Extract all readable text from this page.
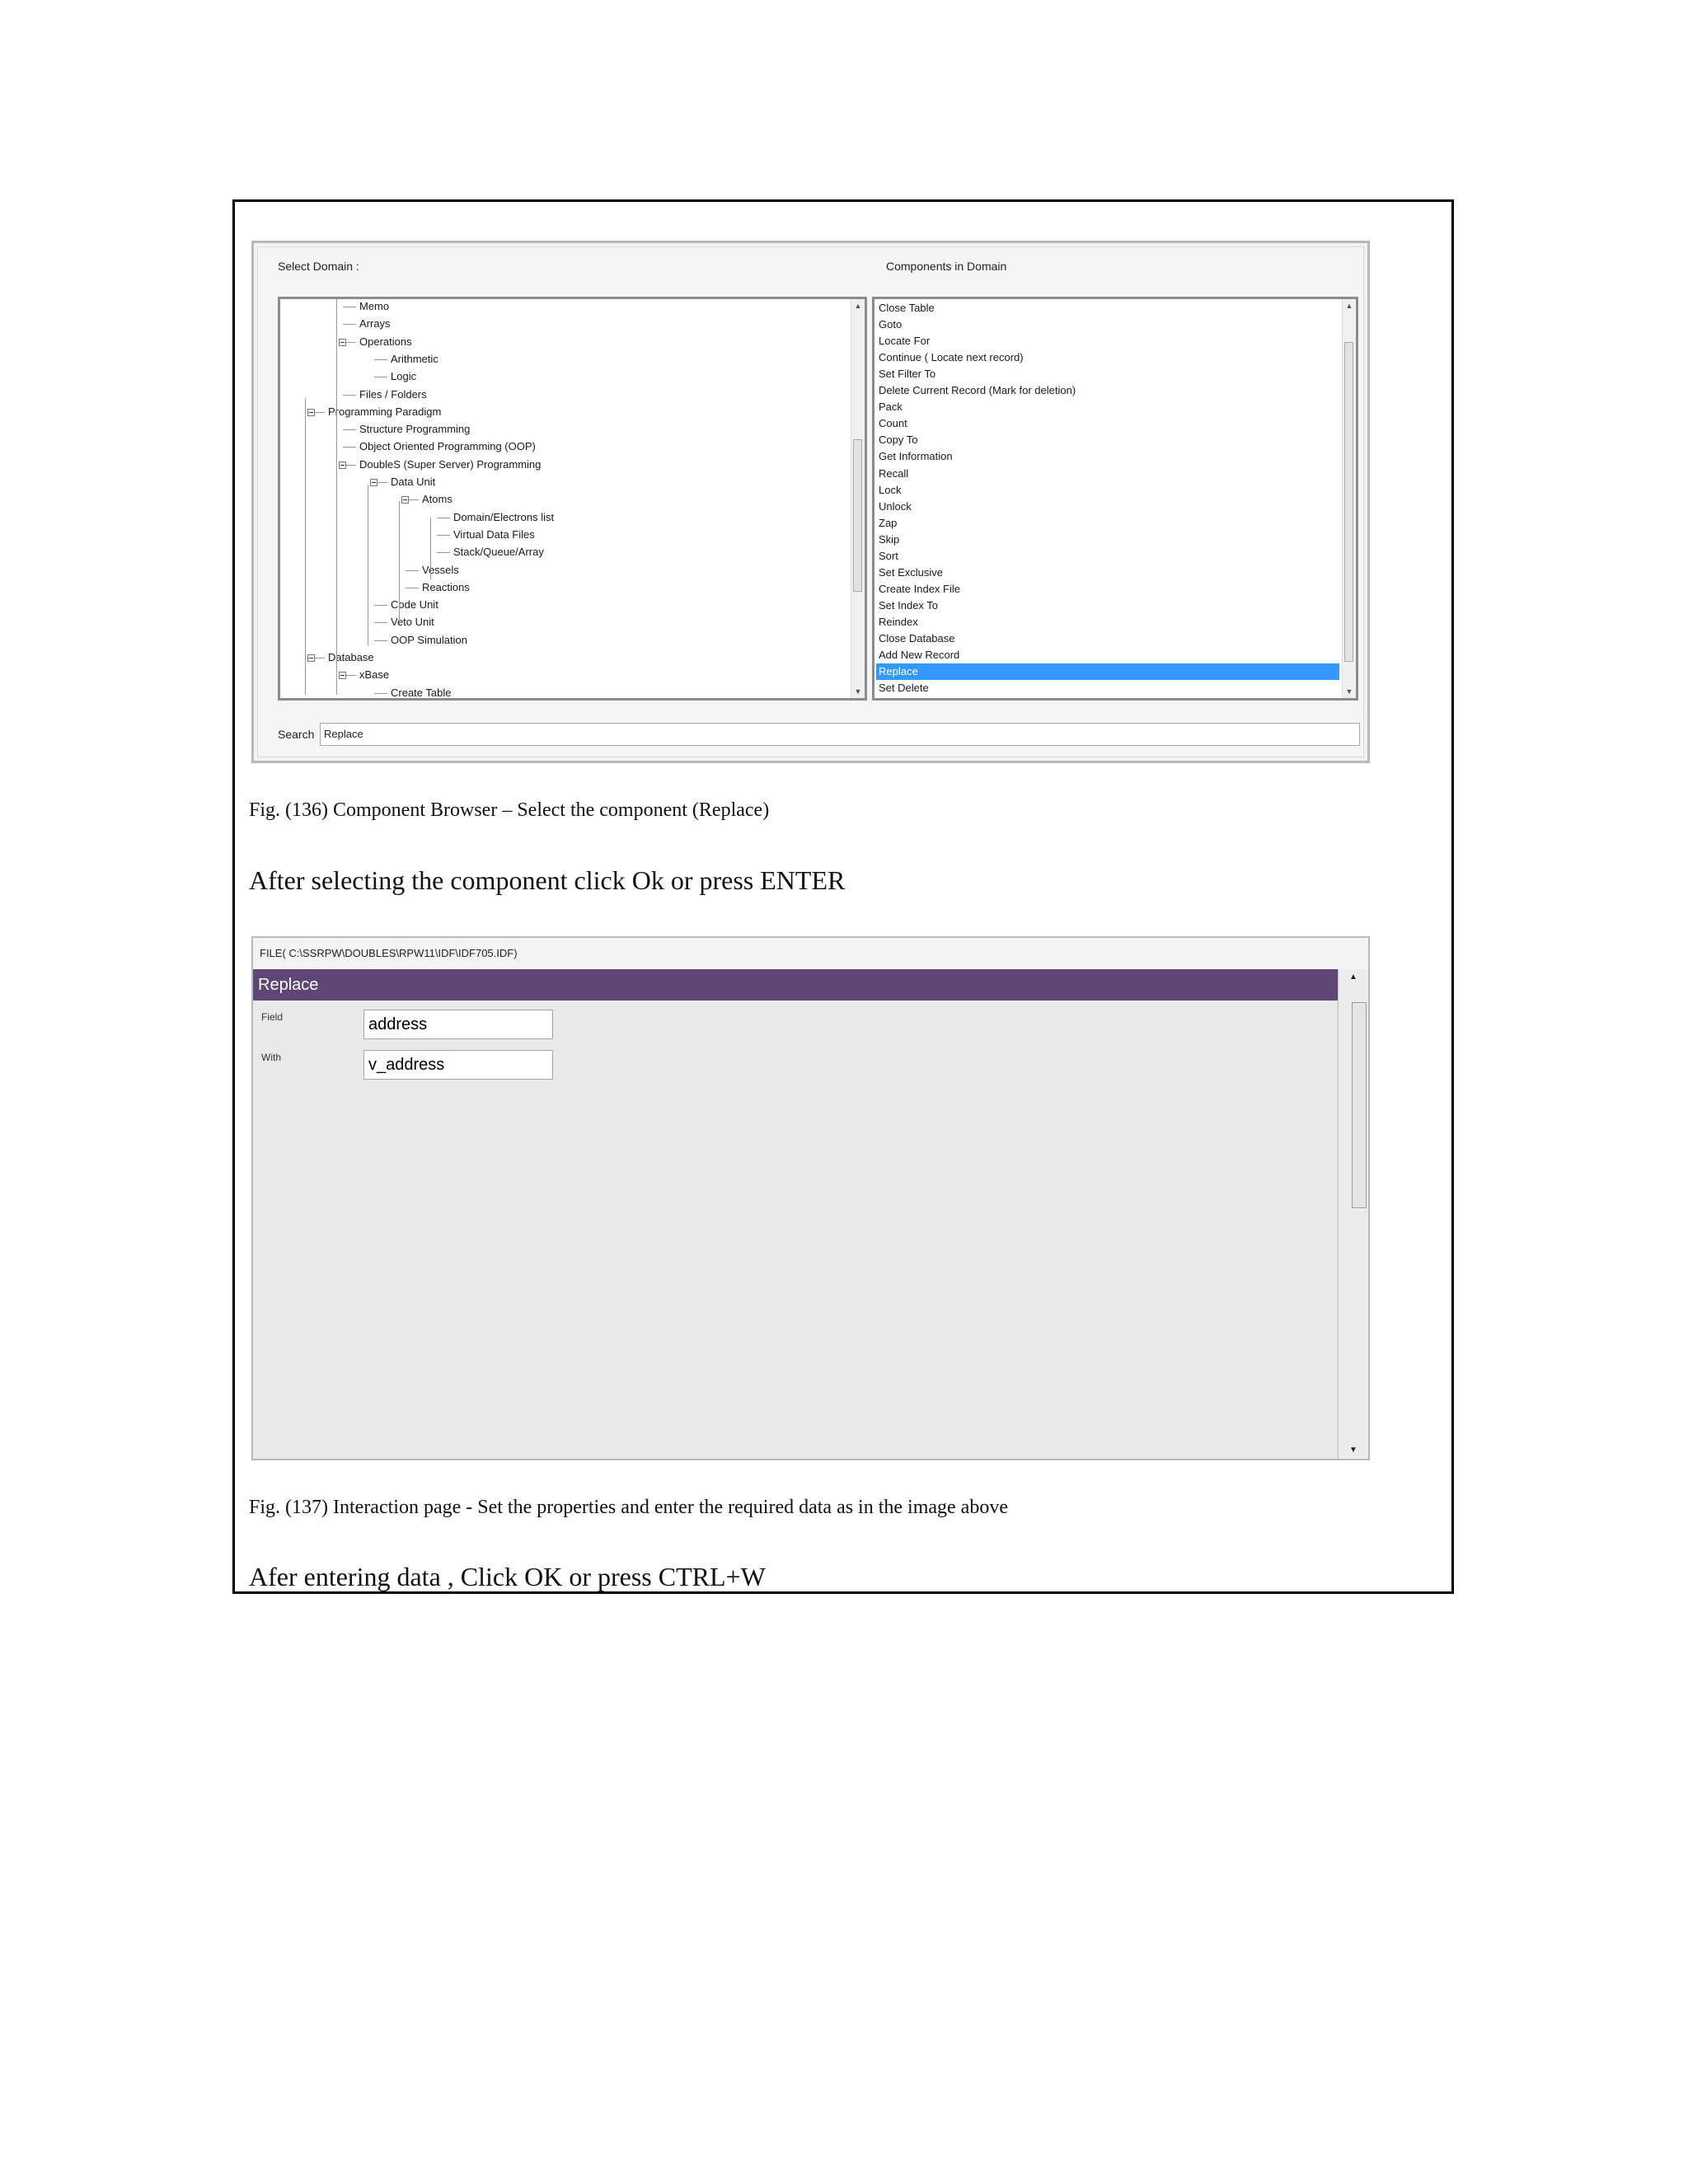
Select Domain :	Components in Domain
▲
▼
Memo
Arrays
Operations
Arithmetic
Logic
Files / Folders
Programming Paradigm
Structure Programming
Object Oriented Programming (OOP)
DoubleS (Super Server) Programming
Data Unit
Atoms
Domain/Electrons list
Virtual Data Files
Stack/Queue/Array
Vessels
Reactions
Code Unit
Veto Unit
OOP Simulation
Database
xBase
Create Table
▲
▼
Close Table
Goto
Locate For
Continue ( Locate next record)
Set Filter To
Delete Current Record (Mark for deletion)
Pack
Count
Copy To
Get Information
Recall
Lock
Unlock
Zap
Skip
Sort
Set Exclusive
Create Index File
Set Index To
Reindex
Close Database
Add New Record
Replace
Set Delete
Search Replace
Fig. (136) Component Browser – Select the component (Replace)
After selecting the component click Ok or press ENTER
FILE( C:\SSRPW\DOUBLES\RPW11\IDF\IDF705.IDF)
Replace
Field	address
With	v_address
▲
▼
Fig. (137) Interaction page - Set the properties and enter the required data as in the image above
Afer entering data , Click OK or press CTRL+W
